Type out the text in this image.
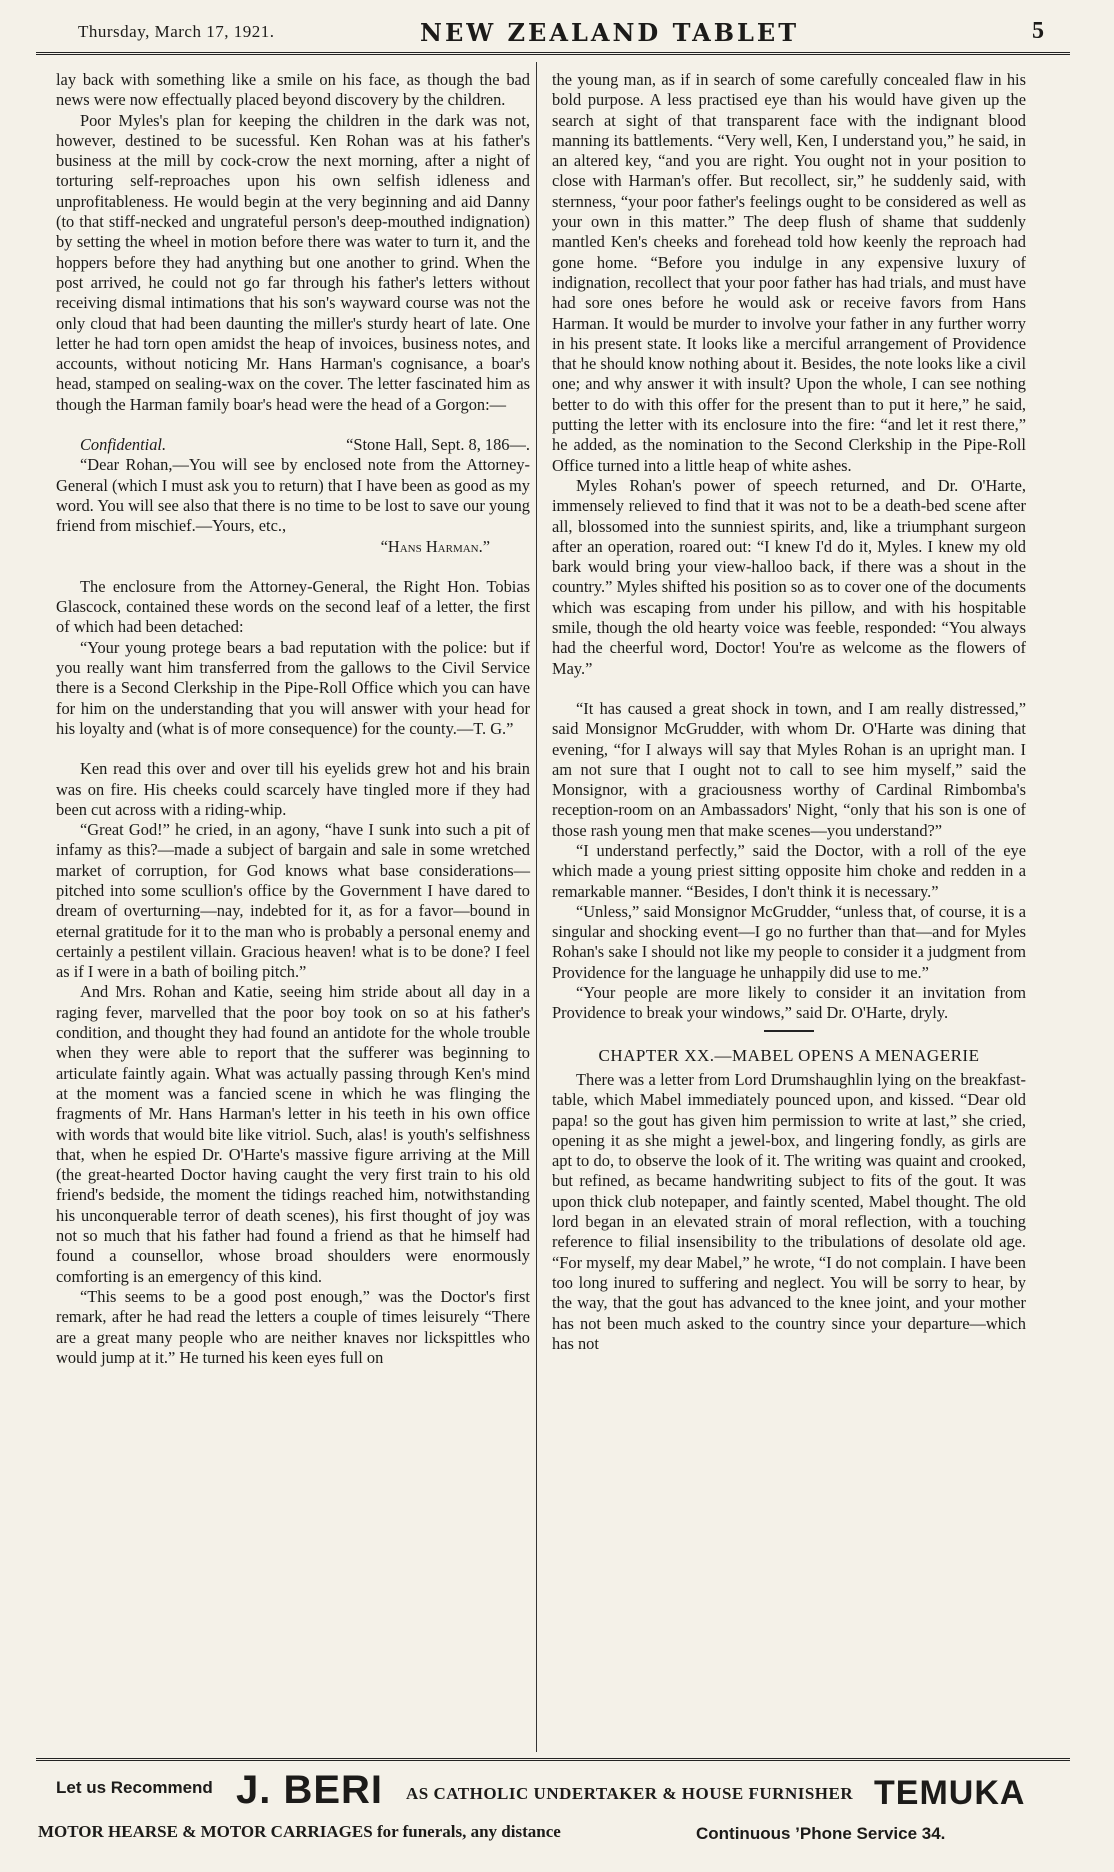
Thursday, March 17, 1921.	NEW ZEALAND TABLET	5

lay back with something like a smile on his face, as though the bad news were now effectually placed beyond discovery by the children.

Poor Myles's plan for keeping the children in the dark was not, however, destined to be sucessful. Ken Rohan was at his father's business at the mill by cock-crow the next morning, after a night of torturing self-reproaches upon his own selfish idleness and unprofitableness. He would begin at the very beginning and aid Danny (to that stiff-necked and ungrateful person's deep-mouthed indignation) by setting the wheel in motion before there was water to turn it, and the hoppers before they had anything but one another to grind. When the post arrived, he could not go far through his father's letters without receiving dismal intimations that his son's wayward course was not the only cloud that had been daunting the miller's sturdy heart of late. One letter he had torn open amidst the heap of invoices, business notes, and accounts, without noticing Mr. Hans Harman's cognisance, a boar's head, stamped on sealing-wax on the cover. The letter fascinated him as though the Harman family boar's head were the head of a Gorgon:—

Confidential.	“Stone Hall, Sept. 8, 186—.

“Dear Rohan,—You will see by enclosed note from the Attorney-General (which I must ask you to return) that I have been as good as my word. You will see also that there is no time to be lost to save our young friend from mischief.—Yours, etc.,

“Hans Harman.”

The enclosure from the Attorney-General, the Right Hon. Tobias Glascock, contained these words on the second leaf of a letter, the first of which had been detached:

“Your young protege bears a bad reputation with the police: but if you really want him transferred from the gallows to the Civil Service there is a Second Clerkship in the Pipe-Roll Office which you can have for him on the understanding that you will answer with your head for his loyalty and (what is of more consequence) for the county.—T. G.”

Ken read this over and over till his eyelids grew hot and his brain was on fire. His cheeks could scarcely have tingled more if they had been cut across with a riding-whip.

“Great God!” he cried, in an agony, “have I sunk into such a pit of infamy as this?—made a subject of bargain and sale in some wretched market of corruption, for God knows what base considerations—pitched into some scullion's office by the Government I have dared to dream of overturning—nay, indebted for it, as for a favor—bound in eternal gratitude for it to the man who is probably a personal enemy and certainly a pestilent villain. Gracious heaven! what is to be done? I feel as if I were in a bath of boiling pitch.”

And Mrs. Rohan and Katie, seeing him stride about all day in a raging fever, marvelled that the poor boy took on so at his father's condition, and thought they had found an antidote for the whole trouble when they were able to report that the sufferer was beginning to articulate faintly again. What was actually passing through Ken's mind at the moment was a fancied scene in which he was flinging the fragments of Mr. Hans Harman's letter in his teeth in his own office with words that would bite like vitriol. Such, alas! is youth's selfishness that, when he espied Dr. O'Harte's massive figure arriving at the Mill (the great-hearted Doctor having caught the very first train to his old friend's bedside, the moment the tidings reached him, notwithstanding his unconquerable terror of death scenes), his first thought of joy was not so much that his father had found a friend as that he himself had found a counsellor, whose broad shoulders were enormously comforting is an emergency of this kind.

“This seems to be a good post enough,” was the Doctor's first remark, after he had read the letters a couple of times leisurely “There are a great many people who are neither knaves nor lickspittles who would jump at it.” He turned his keen eyes full on

the young man, as if in search of some carefully concealed flaw in his bold purpose. A less practised eye than his would have given up the search at sight of that transparent face with the indignant blood manning its battlements. “Very well, Ken, I understand you,” he said, in an altered key, “and you are right. You ought not in your position to close with Harman's offer. But recollect, sir,” he suddenly said, with sternness, “your poor father's feelings ought to be considered as well as your own in this matter.” The deep flush of shame that suddenly mantled Ken's cheeks and forehead told how keenly the reproach had gone home. “Before you indulge in any expensive luxury of indignation, recollect that your poor father has had trials, and must have had sore ones before he would ask or receive favors from Hans Harman. It would be murder to involve your father in any further worry in his present state. It looks like a merciful arrangement of Providence that he should know nothing about it. Besides, the note looks like a civil one; and why answer it with insult? Upon the whole, I can see nothing better to do with this offer for the present than to put it here,” he said, putting the letter with its enclosure into the fire: “and let it rest there,” he added, as the nomination to the Second Clerkship in the Pipe-Roll Office turned into a little heap of white ashes.

Myles Rohan's power of speech returned, and Dr. O'Harte, immensely relieved to find that it was not to be a death-bed scene after all, blossomed into the sunniest spirits, and, like a triumphant surgeon after an operation, roared out: “I knew I'd do it, Myles. I knew my old bark would bring your view-halloo back, if there was a shout in the country.” Myles shifted his position so as to cover one of the documents which was escaping from under his pillow, and with his hospitable smile, though the old hearty voice was feeble, responded: “You always had the cheerful word, Doctor! You're as welcome as the flowers of May.”

“It has caused a great shock in town, and I am really distressed,” said Monsignor McGrudder, with whom Dr. O'Harte was dining that evening, “for I always will say that Myles Rohan is an upright man. I am not sure that I ought not to call to see him myself,” said the Monsignor, with a graciousness worthy of Cardinal Rimbomba's reception-room on an Ambassadors' Night, “only that his son is one of those rash young men that make scenes—you understand?”

“I understand perfectly,” said the Doctor, with a roll of the eye which made a young priest sitting opposite him choke and redden in a remarkable manner. “Besides, I don't think it is necessary.”

“Unless,” said Monsignor McGrudder, “unless that, of course, it is a singular and shocking event—I go no further than that—and for Myles Rohan's sake I should not like my people to consider it a judgment from Providence for the language he unhappily did use to me.”

“Your people are more likely to consider it an invitation from Providence to break your windows,” said Dr. O'Harte, dryly.

CHAPTER XX.—MABEL OPENS A MENAGERIE

There was a letter from Lord Drumshaughlin lying on the breakfast-table, which Mabel immediately pounced upon, and kissed. “Dear old papa! so the gout has given him permission to write at last,” she cried, opening it as she might a jewel-box, and lingering fondly, as girls are apt to do, to observe the look of it. The writing was quaint and crooked, but refined, as became handwriting subject to fits of the gout. It was upon thick club notepaper, and faintly scented, Mabel thought. The old lord began in an elevated strain of moral reflection, with a touching reference to filial insensibility to the tribulations of desolate old age. “For myself, my dear Mabel,” he wrote, “I do not complain. I have been too long inured to suffering and neglect. You will be sorry to hear, by the way, that the gout has advanced to the knee joint, and your mother has not been much asked to the country since your departure—which has not

Let us Recommend J. BERI AS CATHOLIC UNDERTAKER & HOUSE FURNISHER TEMUKA
MOTOR HEARSE & MOTOR CARRIAGES for funerals, any distance	Continuous ’Phone Service 34.
